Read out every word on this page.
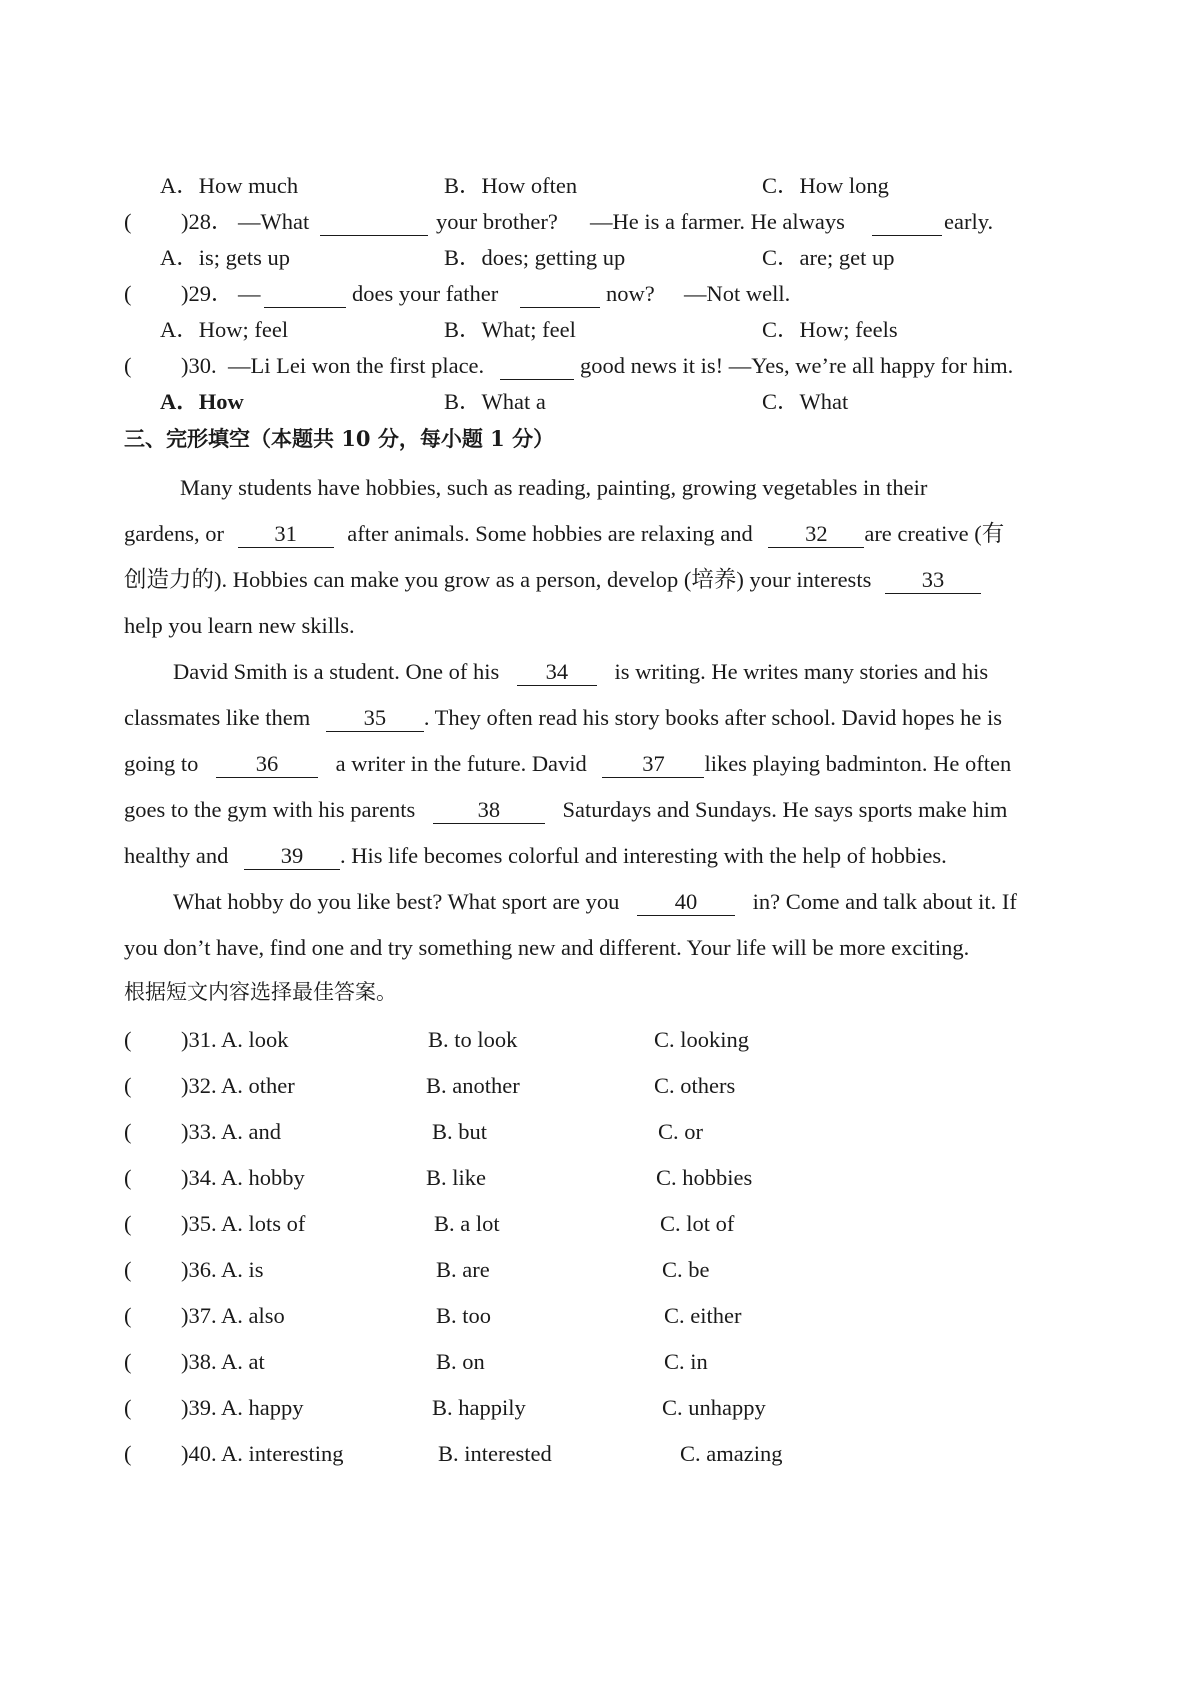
A．How much	B．How often	C．How long
( )28． —What	your brother? —He is a farmer. He always	early.
A．is; gets up	B．does; getting up	C．are; get up
( )29． —	does your father	now? —Not well.
A．How; feel	B．What; feel	C．How; feels
( )30. —Li Lei won the first place.	good news it is! —Yes, we’re all happy for him.
A．How	B．What a	C．What
三、完形填空（本题共 10 分，每小题 1 分）
Many students have hobbies, such as reading, painting, growing vegetables in their
gardens, or 31 after animals. Some hobbies are relaxing and 32 are creative (有
创造力的). Hobbies can make you grow as a person, develop (培养) your interests 33
help you learn new skills.
David Smith is a student. One of his 34 is writing. He writes many stories and his
classmates like them 35 . They often read his story books after school. David hopes he is
going to	36	a writer in the future. David 37 likes playing badminton. He often
goes to the gym with his parents	38	Saturdays and Sundays. He says sports make him
healthy and 39 . His life becomes colorful and interesting with the help of hobbies.
What hobby do you like best? What sport are you 40 in? Come and talk about it. If
you don’t have, find one and try something new and different. Your life will be more exciting.
根据短文内容选择最佳答案。
( )31. A. look	B. to look	C. looking
( )32. A. other	B. another	C. others
( )33. A. and	B. but	C. or
( )34. A. hobby	B. like	C. hobbies
( )35. A. lots of	B. a lot	C. lot of
( )36. A. is	B. are	C. be
( )37. A. also	B. too	C. either
( )38. A. at	B. on	C. in
( )39. A. happy	B. happily	C. unhappy
( )40. A. interesting	B. interested	C. amazing
